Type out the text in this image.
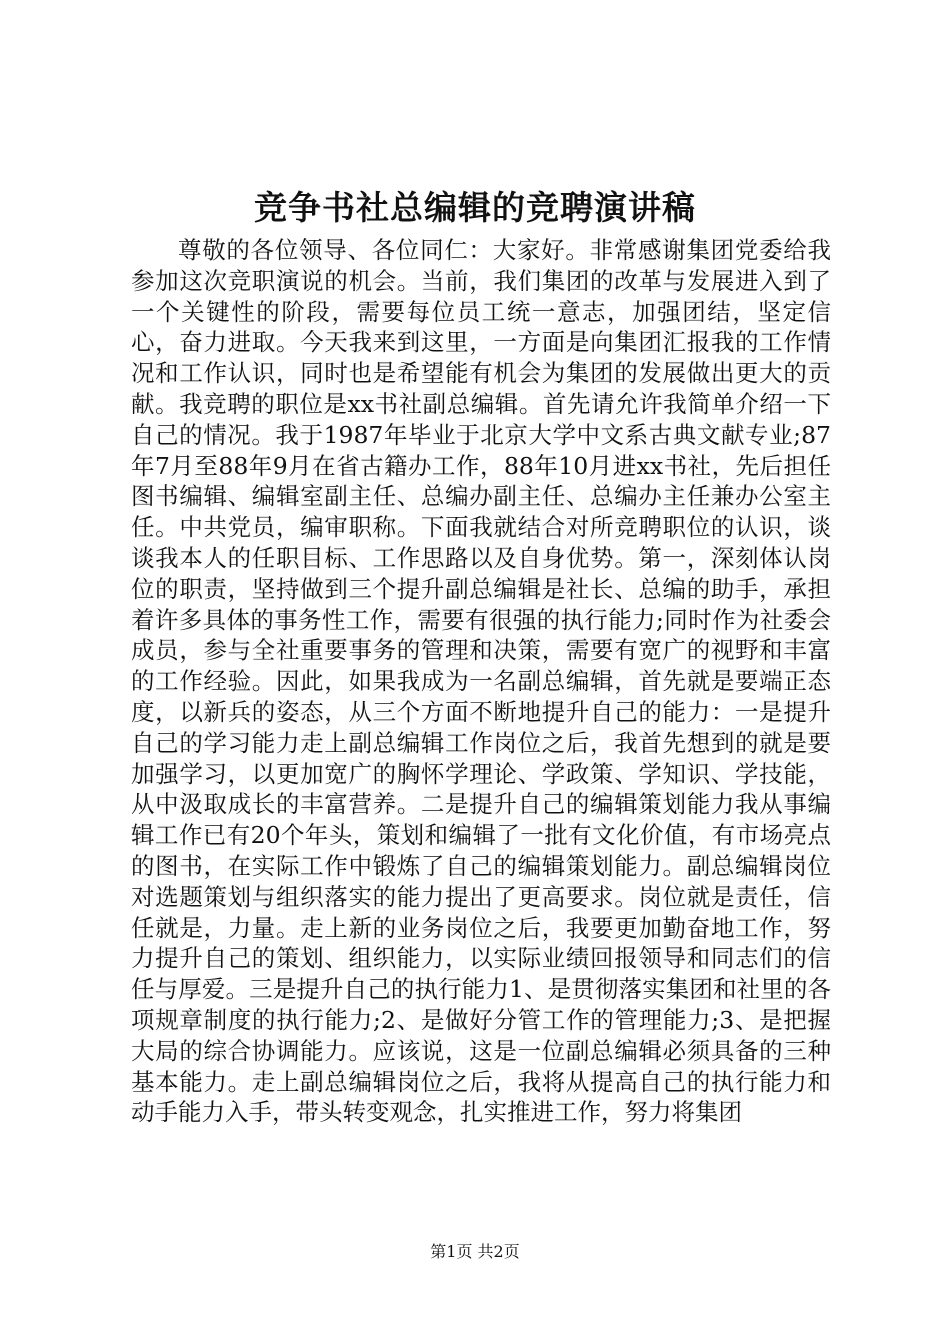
竞争书社总编辑的竞聘演讲稿

尊敬的各位领导、各位同仁：大家好。非常感谢集团党委给我参加这次竞职演说的机会。当前，我们集团的改革与发展进入到了一个关键性的阶段，需要每位员工统一意志，加强团结，坚定信心，奋力进取。今天我来到这里，一方面是向集团汇报我的工作情况和工作认识，同时也是希望能有机会为集团的发展做出更大的贡献。我竞聘的职位是xx书社副总编辑。首先请允许我简单介绍一下自己的情况。我于1987年毕业于北京大学中文系古典文献专业;87年7月至88年9月在省古籍办工作，88年10月进xx书社，先后担任图书编辑、编辑室副主任、总编办副主任、总编办主任兼办公室主任。中共党员，编审职称。下面我就结合对所竞聘职位的认识，谈谈我本人的任职目标、工作思路以及自身优势。第一，深刻体认岗位的职责，坚持做到三个提升副总编辑是社长、总编的助手，承担着许多具体的事务性工作，需要有很强的执行能力;同时作为社委会成员，参与全社重要事务的管理和决策，需要有宽广的视野和丰富的工作经验。因此，如果我成为一名副总编辑，首先就是要端正态度，以新兵的姿态，从三个方面不断地提升自己的能力：一是提升自己的学习能力走上副总编辑工作岗位之后，我首先想到的就是要加强学习，以更加宽广的胸怀学理论、学政策、学知识、学技能，从中汲取成长的丰富营养。二是提升自己的编辑策划能力我从事编辑工作已有20个年头，策划和编辑了一批有文化价值，有市场亮点的图书，在实际工作中锻炼了自己的编辑策划能力。副总编辑岗位对选题策划与组织落实的能力提出了更高要求。岗位就是责任，信任就是，力量。走上新的业务岗位之后，我要更加勤奋地工作，努力提升自己的策划、组织能力，以实际业绩回报领导和同志们的信任与厚爱。三是提升自己的执行能力1、是贯彻落实集团和社里的各项规章制度的执行能力;2、是做好分管工作的管理能力;3、是把握大局的综合协调能力。应该说，这是一位副总编辑必须具备的三种基本能力。走上副总编辑岗位之后，我将从提高自己的执行能力和动手能力入手，带头转变观念，扎实推进工作，努力将集团

第1页 共2页
